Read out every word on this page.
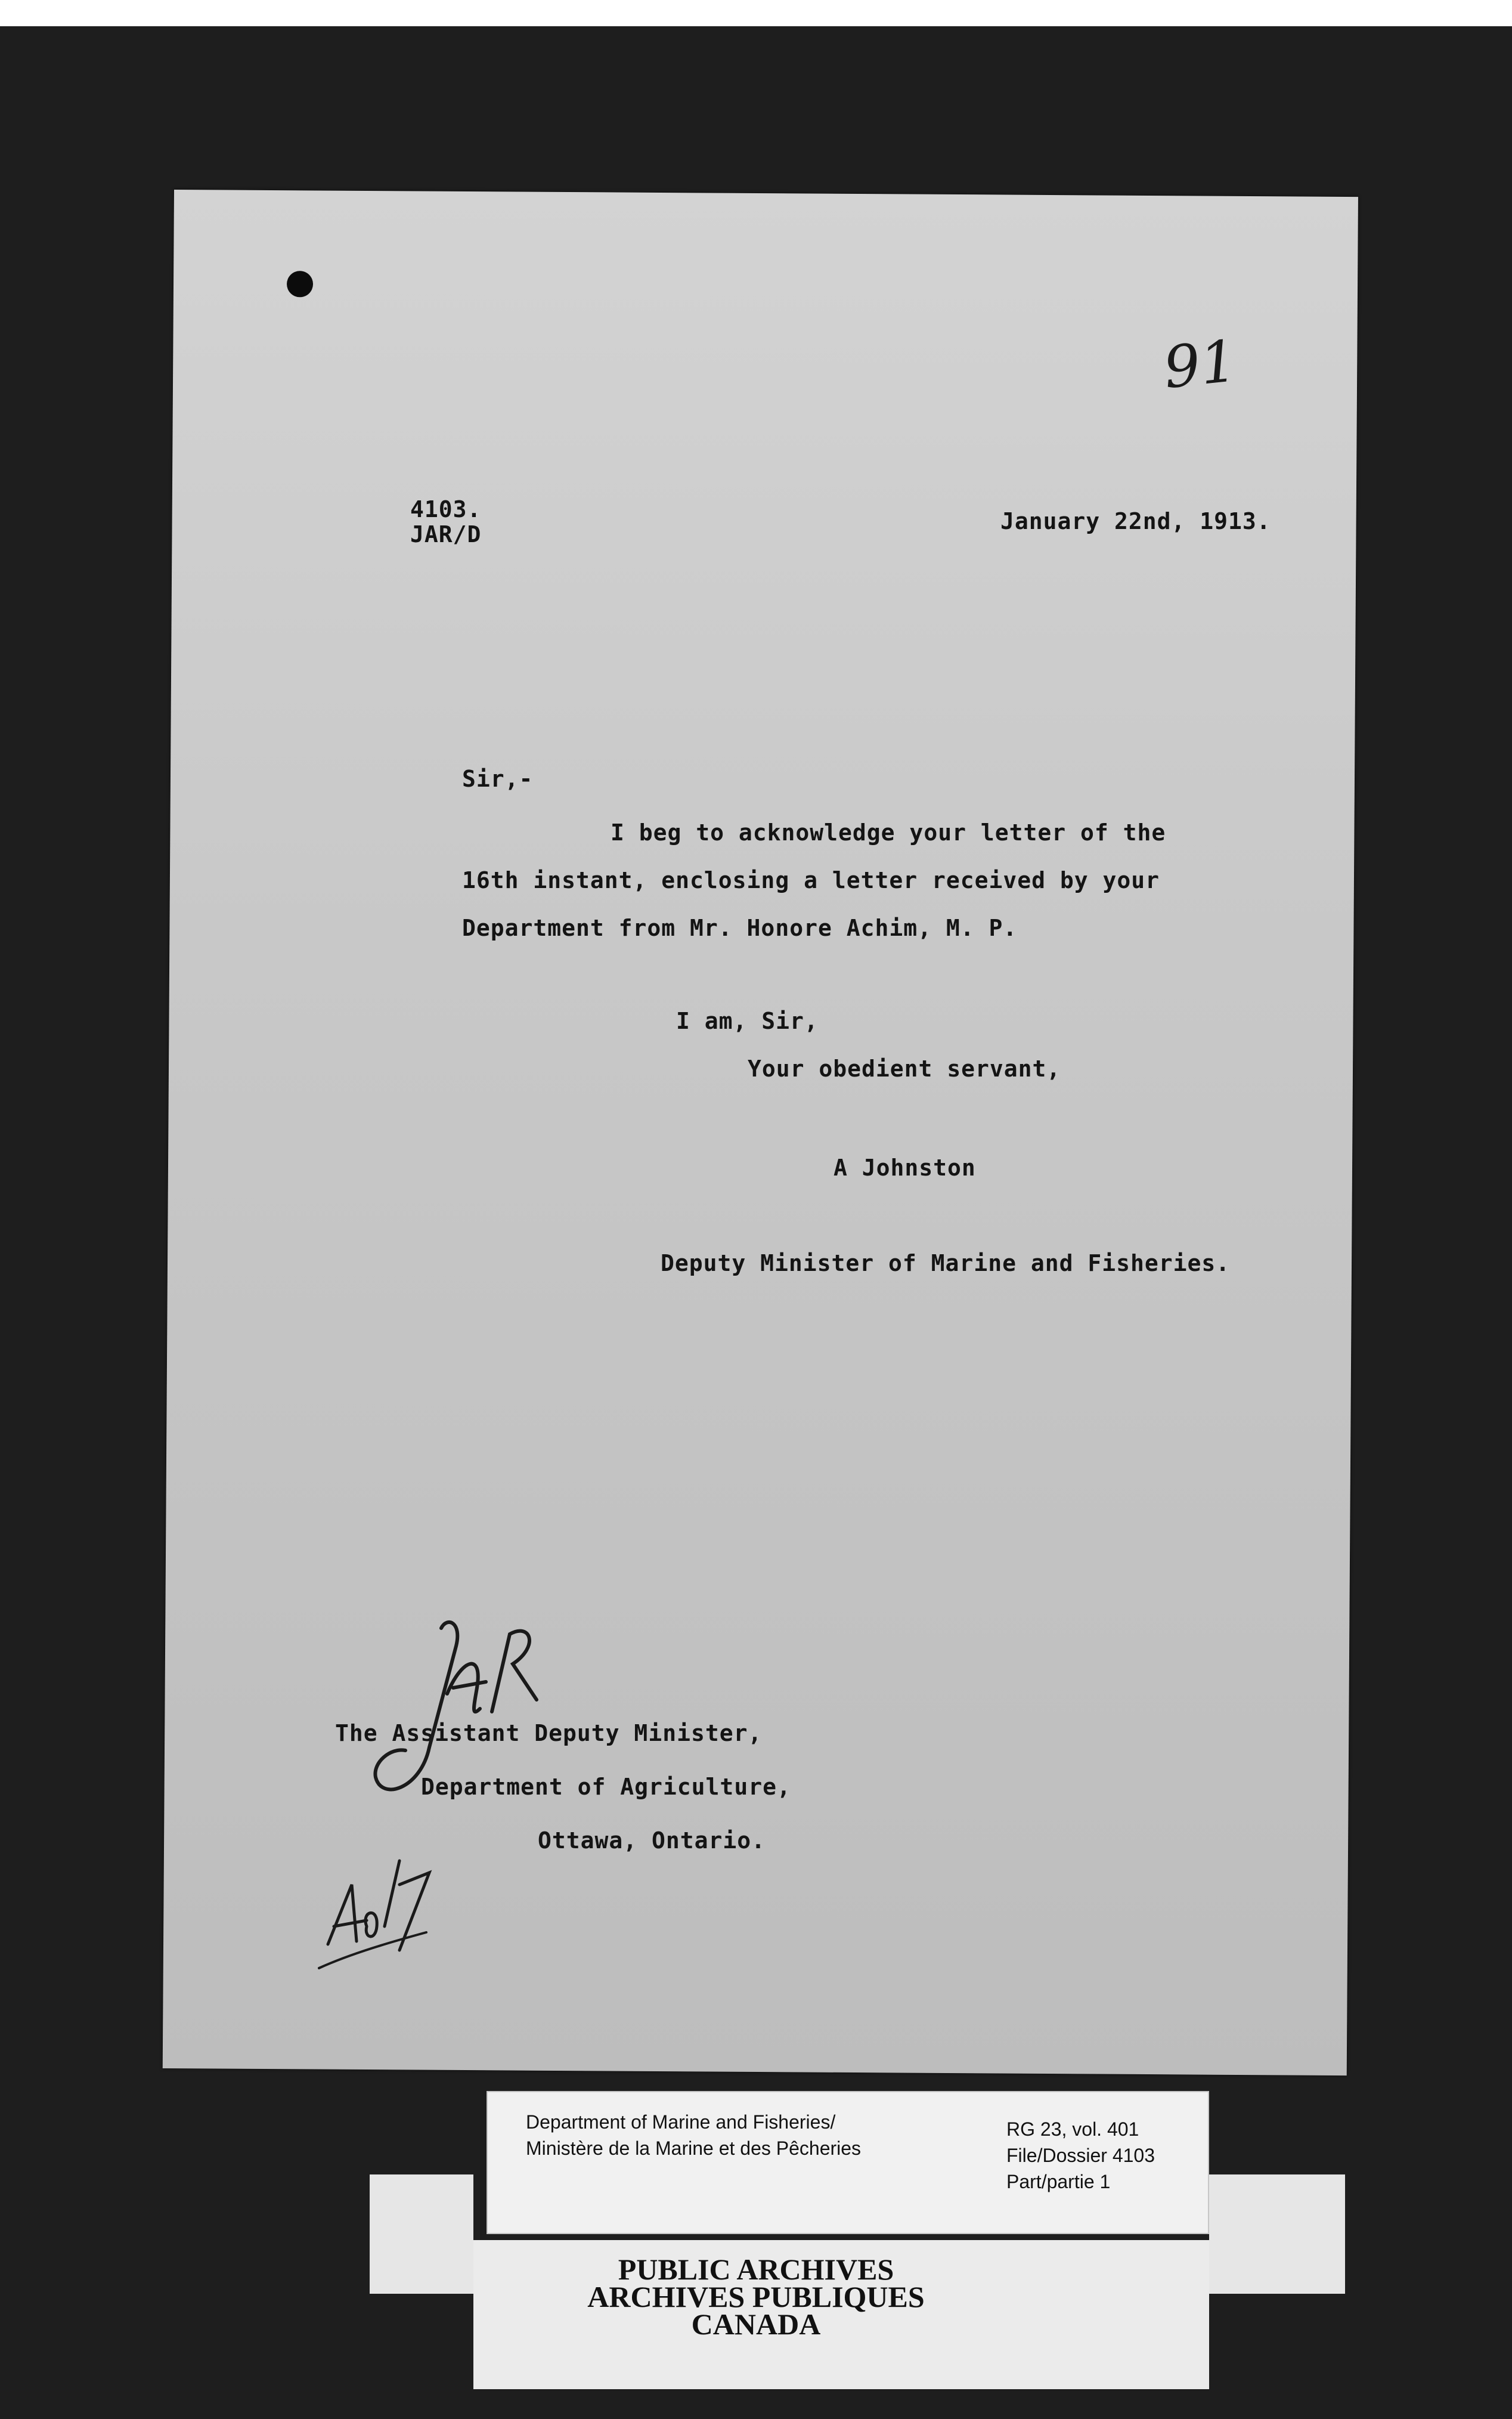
91
4103.
JAR/D	January 22nd, 1913.
Sir,-
I beg to acknowledge your letter of the
16th instant, enclosing a letter received by your
Department from Mr. Honore Achim, M. P.
I am, Sir,
Your obedient servant,
A Johnston
Deputy Minister of Marine and Fisheries.
The Assistant Deputy Minister,
Department of Agriculture,
Ottawa, Ontario.
Department of Marine and Fisheries/
Ministère de la Marine et des Pêcheries
RG 23, vol. 401
File/Dossier 4103
Part/partie 1
PUBLIC ARCHIVES
ARCHIVES PUBLIQUES
CANADA
